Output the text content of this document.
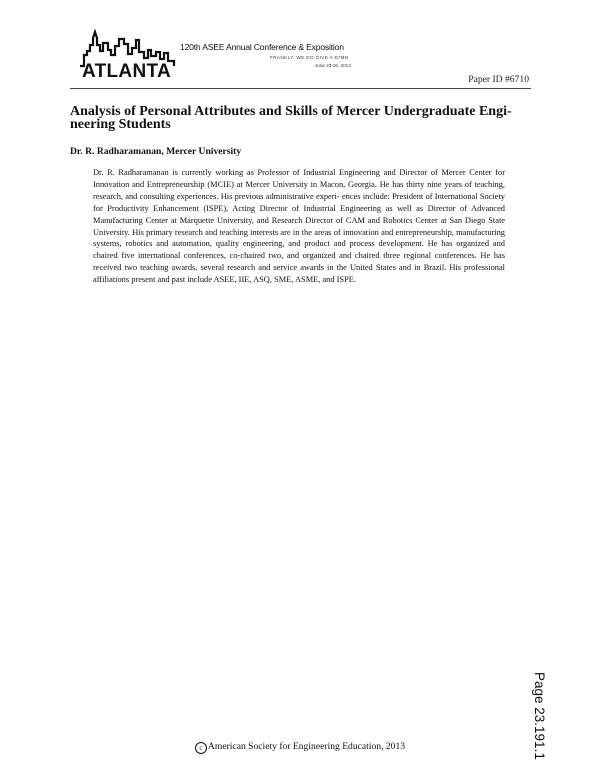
ATLANTA
120th ASEE Annual Conference & Exposition
FRANKLY, WE DO GIVE A D*MN
June 23-26, 2013
Paper ID #6710
Analysis of Personal Attributes and Skills of Mercer Undergraduate Engi- neering Students
Dr. R. Radharamanan, Mercer University

Dr. R. Radharamanan is currently working as Professor of Industrial Engineering and Director of Mercer Center for Innovation and Entrepreneurship (MCIE) at Mercer University in Macon, Georgia. He has thirty nine years of teaching, research, and consulting experiences. His previous administrative experi- ences include: President of International Society for Productivity Enhancement (ISPE), Acting Director of Industrial Engineering as well as Director of Advanced Manufacturing Center at Marquette University, and Research Director of CAM and Robotics Center at San Diego State University. His primary research and teaching interests are in the areas of innovation and entrepreneurship, manufacturing systems, robotics and automation, quality engineering, and product and process development. He has organized and chaired five international conferences, co-chaired two, and organized and chaired three regional conferences. He has received two teaching awards, several research and service awards in the United States and in Brazil. His professional affiliations present and past include ASEE, IIE, ASQ, SME, ASME, and ISPE.

Page 23.191.1
c American Society for Engineering Education, 2013
